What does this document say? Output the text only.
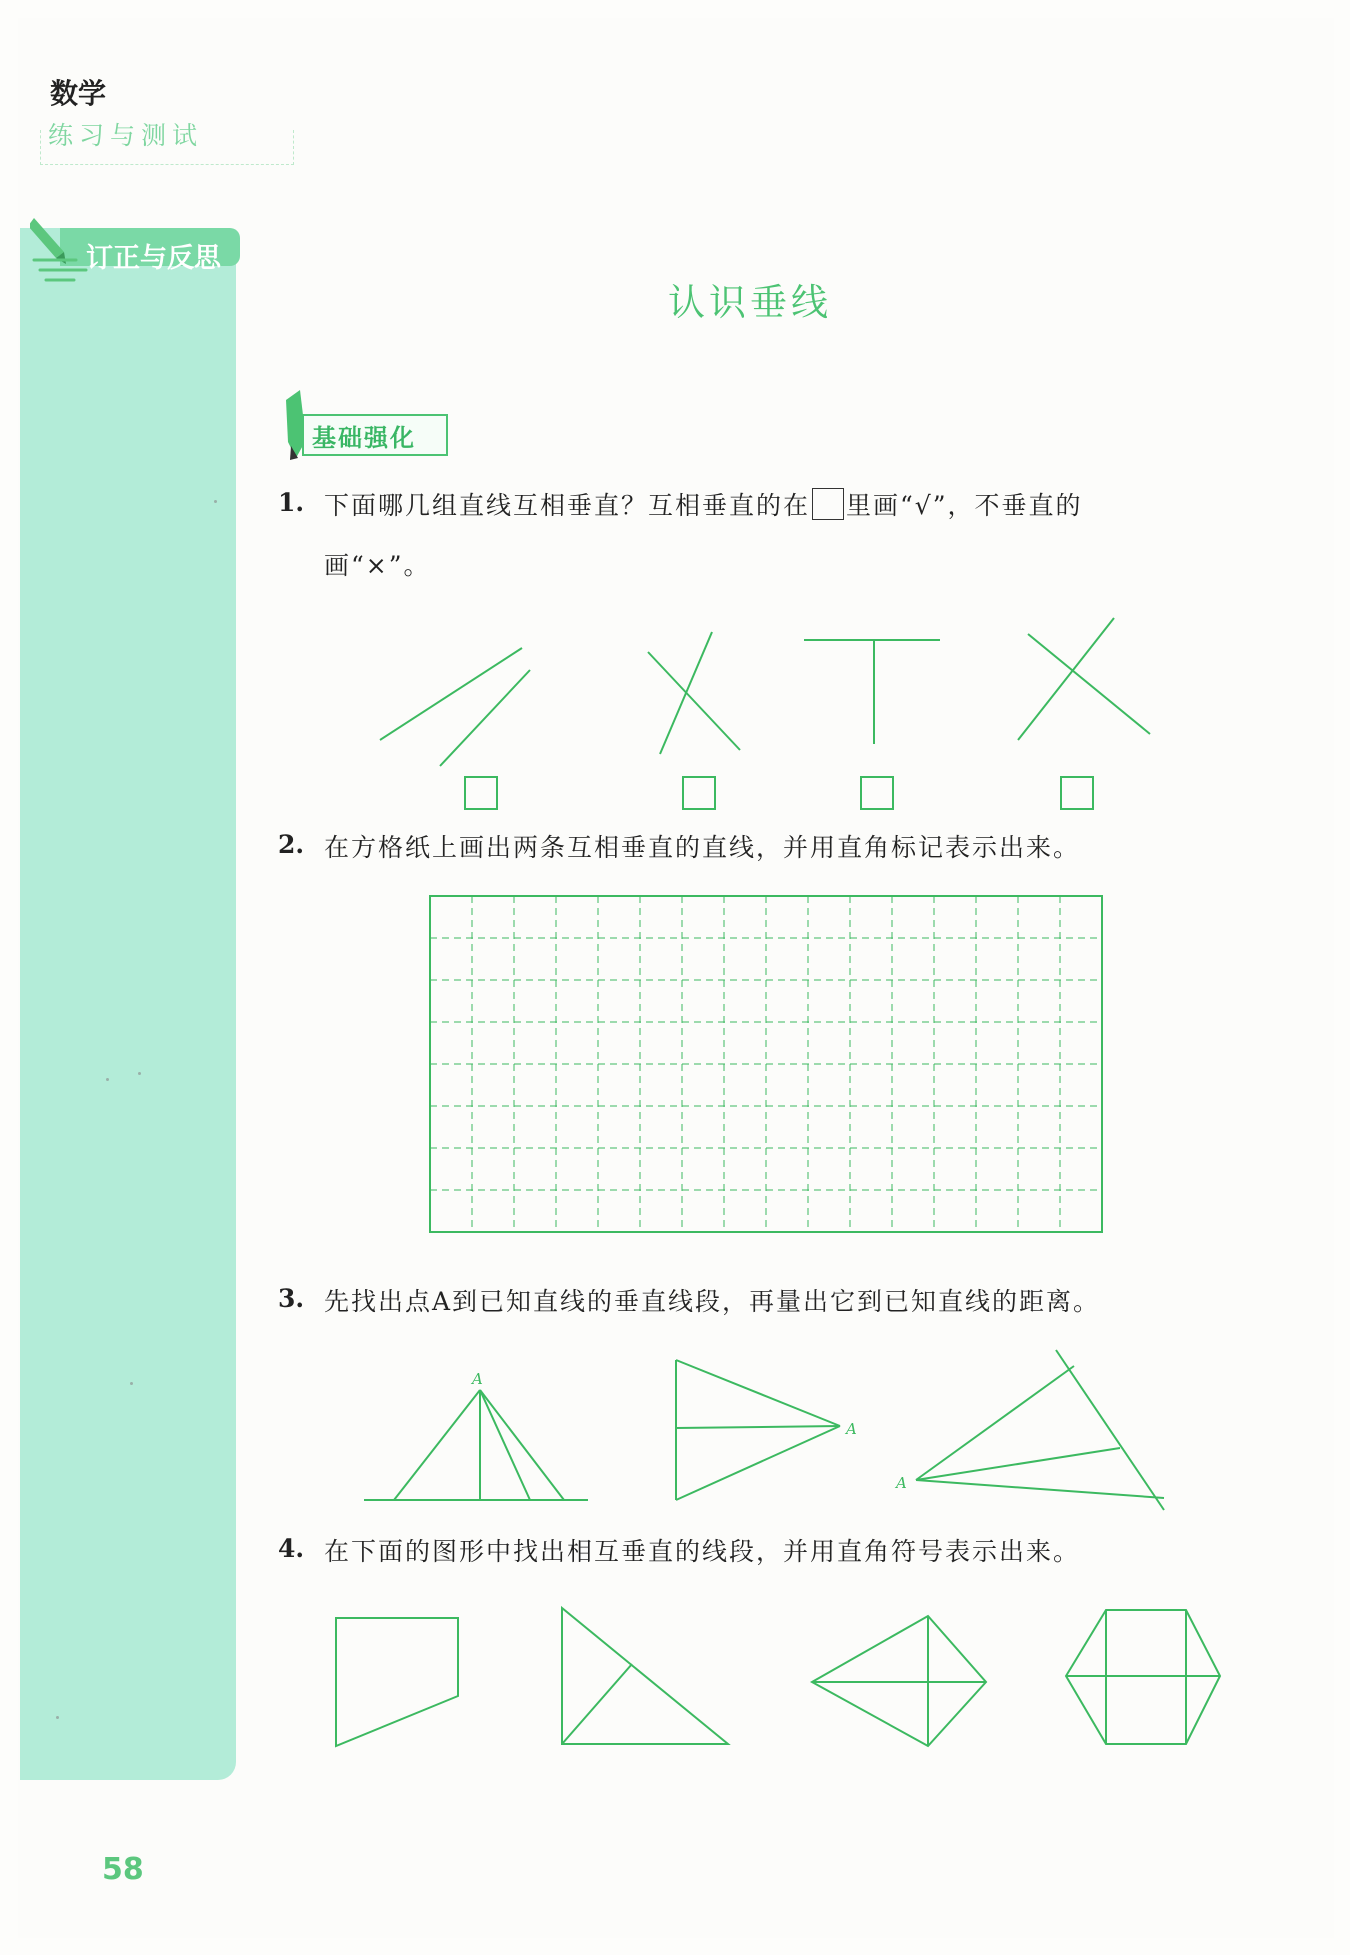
数学
练习与测试
订正与反思
认识垂线
基础强化
1. 下面哪几组直线互相垂直？互相垂直的在 里画“√”，不垂直的
画“×”。
2. 在方格纸上画出两条互相垂直的直线，并用直角标记表示出来。
3. 先找出点A到已知直线的垂直线段，再量出它到已知直线的距离。
A
A
A
4. 在下面的图形中找出相互垂直的线段，并用直角符号表示出来。
58
